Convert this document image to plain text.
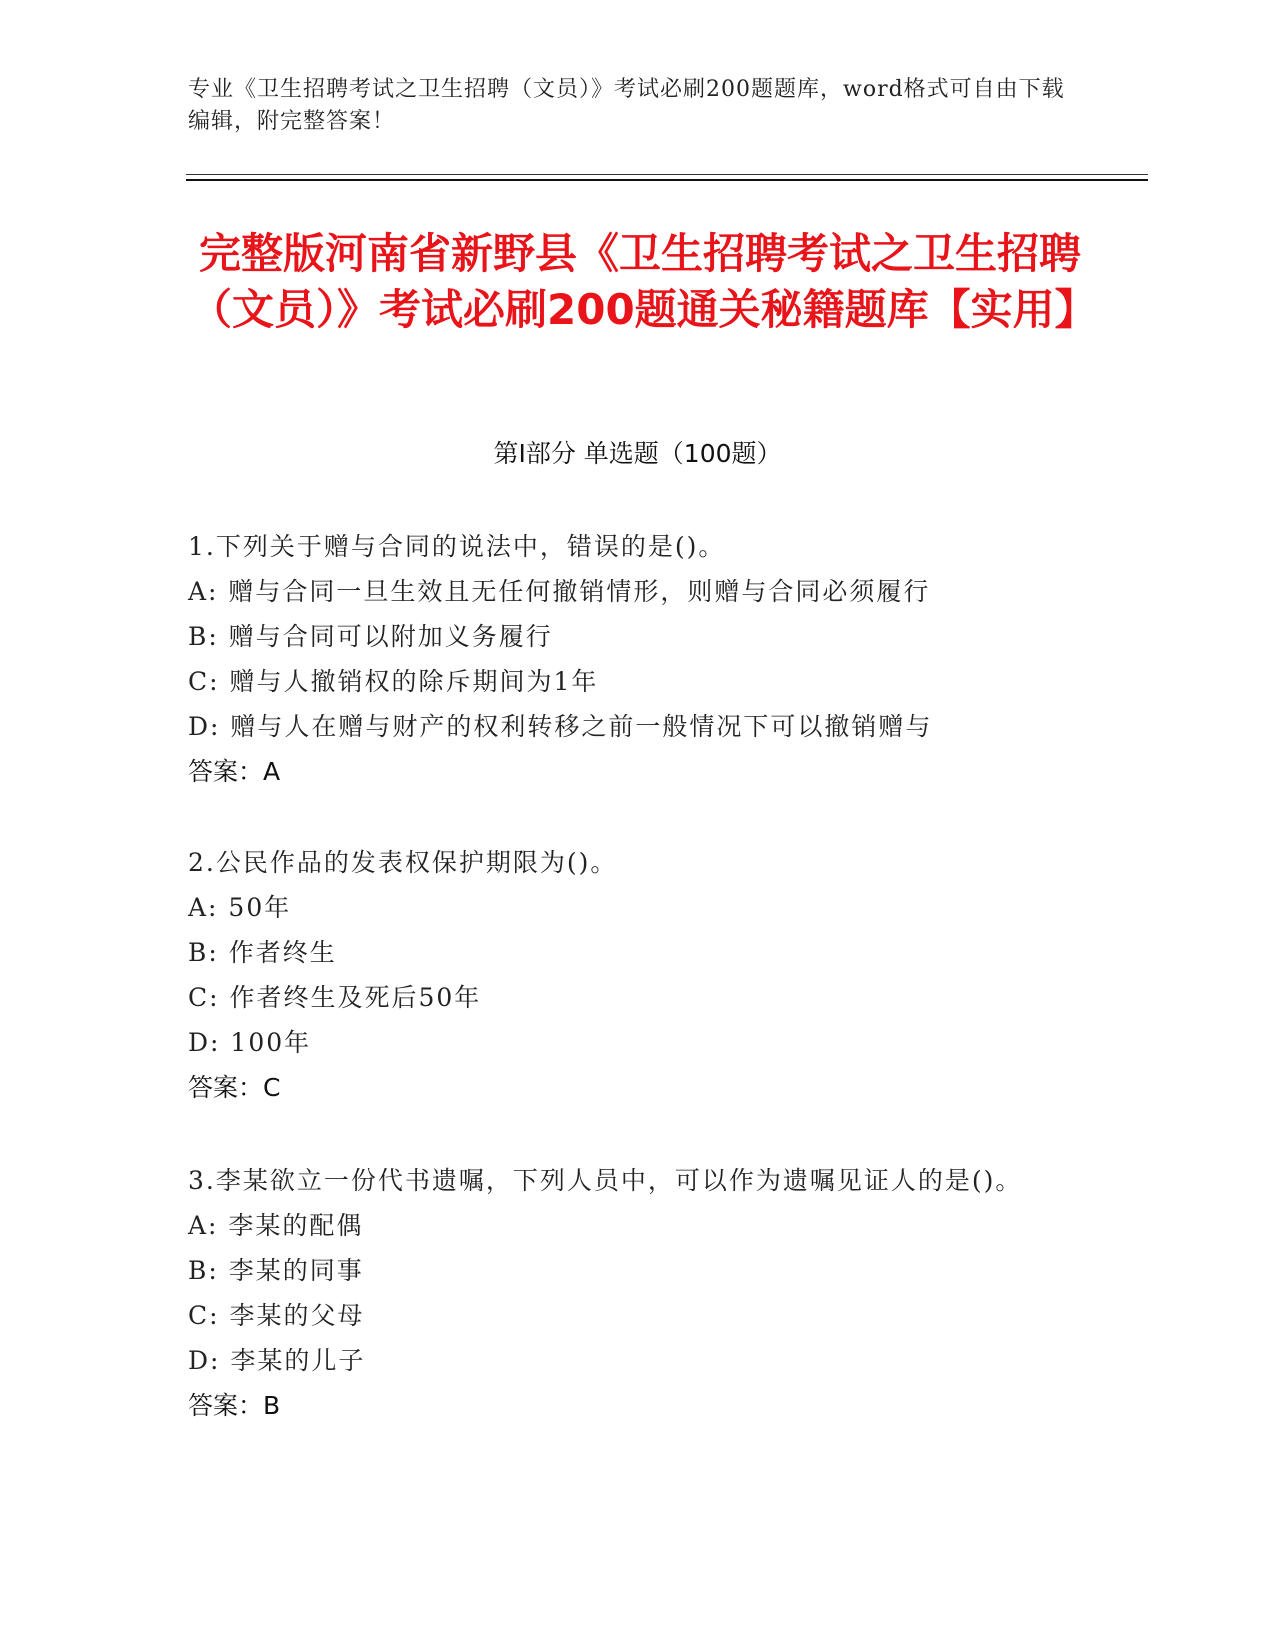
专业《卫生招聘考试之卫生招聘（文员）》考试必刷200题题库，word格式可自由下载编辑，附完整答案！
完整版河南省新野县《卫生招聘考试之卫生招聘（文员）》考试必刷200题通关秘籍题库【实用】
第I部分 单选题（100题）

1.下列关于赠与合同的说法中，错误的是()。

A: 赠与合同一旦生效且无任何撤销情形，则赠与合同必须履行

B: 赠与合同可以附加义务履行

C: 赠与人撤销权的除斥期间为1年

D: 赠与人在赠与财产的权利转移之前一般情况下可以撤销赠与

答案：A

2.公民作品的发表权保护期限为()。

A: 50年

B: 作者终生

C: 作者终生及死后50年

D: 100年

答案：C

3.李某欲立一份代书遗嘱，下列人员中，可以作为遗嘱见证人的是()。

A: 李某的配偶

B: 李某的同事

C: 李某的父母

D: 李某的儿子

答案：B
